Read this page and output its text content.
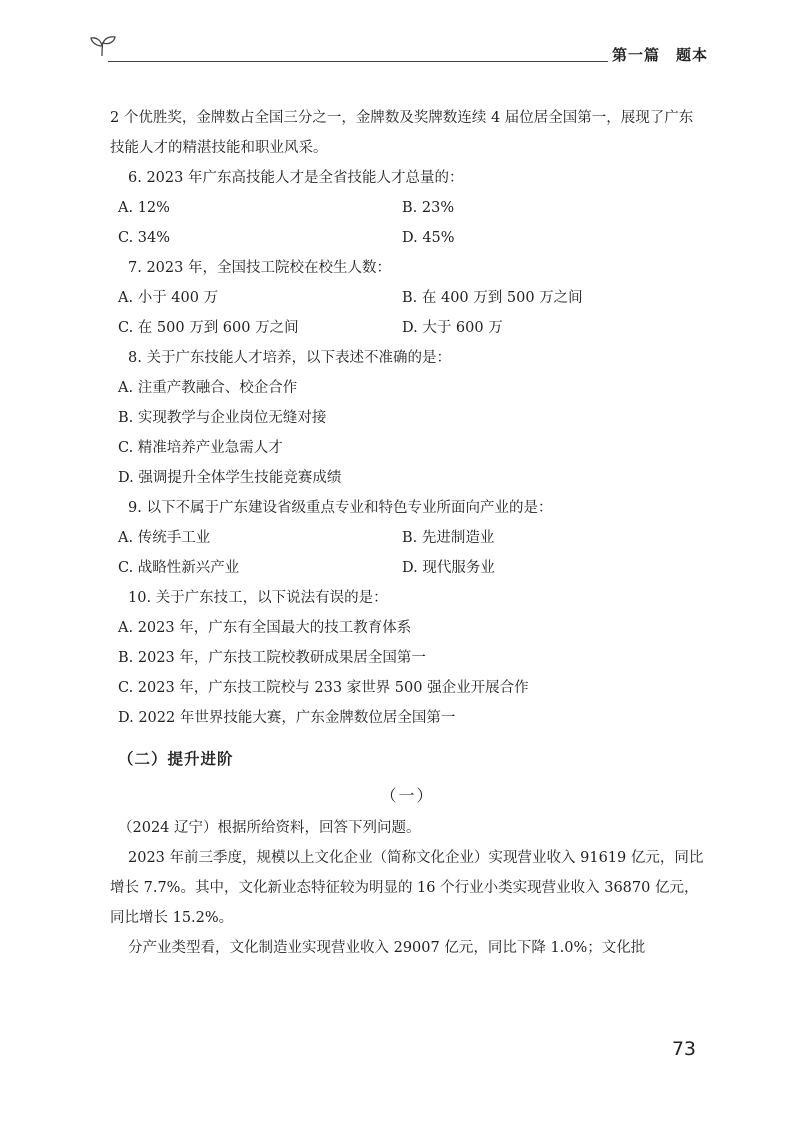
第一篇　题本

2 个优胜奖，金牌数占全国三分之一，金牌数及奖牌数连续 4 届位居全国第一，展现了广东技能人才的精湛技能和职业风采。

6. 2023 年广东高技能人才是全省技能人才总量的：

A. 12%	B. 23%
C. 34%	D. 45%

7. 2023 年，全国技工院校在校生人数：

A. 小于 400 万	B. 在 400 万到 500 万之间
C. 在 500 万到 600 万之间	D. 大于 600 万

8. 关于广东技能人才培养，以下表述不准确的是：

A. 注重产教融合、校企合作
B. 实现教学与企业岗位无缝对接
C. 精准培养产业急需人才
D. 强调提升全体学生技能竞赛成绩

9. 以下不属于广东建设省级重点专业和特色专业所面向产业的是：

A. 传统手工业	B. 先进制造业
C. 战略性新兴产业	D. 现代服务业

10. 关于广东技工，以下说法有误的是：

A. 2023 年，广东有全国最大的技工教育体系
B. 2023 年，广东技工院校教研成果居全国第一
C. 2023 年，广东技工院校与 233 家世界 500 强企业开展合作
D. 2022 年世界技能大赛，广东金牌数位居全国第一
（二）提升进阶
（一）

（2024 辽宁）根据所给资料，回答下列问题。

2023 年前三季度，规模以上文化企业（简称文化企业）实现营业收入 91619 亿元，同比增长 7.7%。其中，文化新业态特征较为明显的 16 个行业小类实现营业收入 36870 亿元，同比增长 15.2%。

分产业类型看，文化制造业实现营业收入 29007 亿元，同比下降 1.0%；文化批

73
